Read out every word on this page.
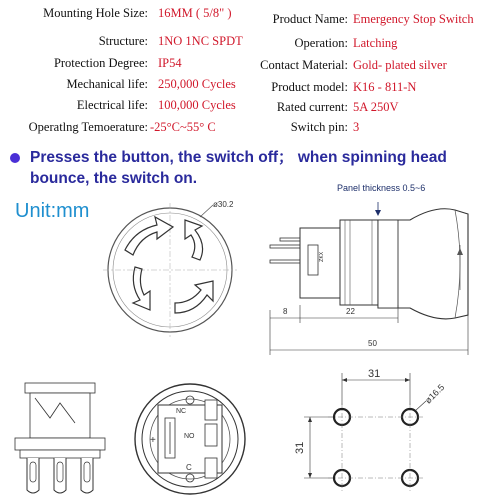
Mounting Hole Size: 16MM ( 5/8" )
Structure: 1NO 1NC SPDT
Protection Degree: IP54
Mechanical life: 250,000 Cycles
Electrical life: 100,000 Cycles
Operatlng Temoerature: -25°C~55° C
Product Name: Emergency Stop Switch
Operation: Latching
Contact Material: Gold- plated silver
Product model: K16 - 811-N
Rated current: 5A 250V
Switch pin: 3
Presses the button, the switch off； when spinning head bounce, the switch on.
Unit:mm	ø30.2
Panel thickness 0.5~6
ZKX
8	22
50
NC
NO
C
+
31
31
ø16.5
